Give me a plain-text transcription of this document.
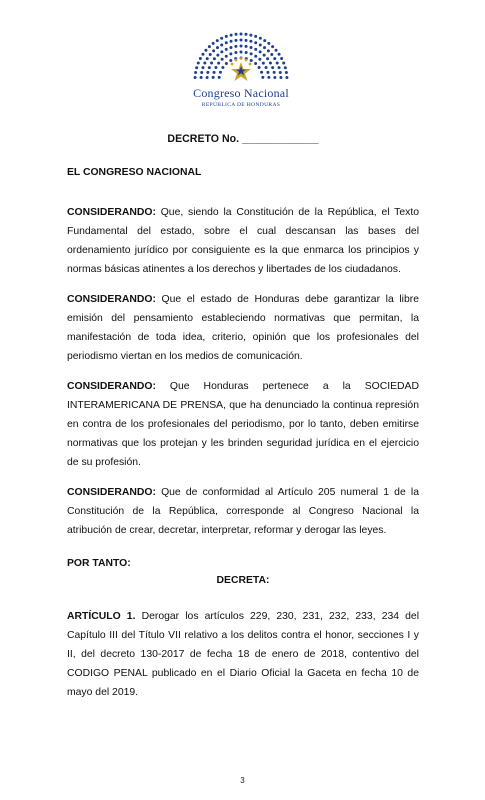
Congreso Nacional
REPÚBLICA DE HONDURAS
DECRETO No. _____________
EL CONGRESO NACIONAL
CONSIDERANDO: Que, siendo la Constitución de la República, el Texto Fundamental del estado, sobre el cual descansan las bases del ordenamiento jurídico por consiguiente es la que enmarca los principios y normas básicas atinentes a los derechos y libertades de los ciudadanos.
CONSIDERANDO: Que el estado de Honduras debe garantizar la libre emisión del pensamiento estableciendo normativas que permitan, la manifestación de toda idea, criterio, opinión que los profesionales del periodismo viertan en los medios de comunicación.
CONSIDERANDO: Que Honduras pertenece a la SOCIEDAD INTERAMERICANA DE PRENSA, que ha denunciado la continua represión en contra de los profesionales del periodismo, por lo tanto, deben emitirse normativas que los protejan y les brinden seguridad jurídica en el ejercicio de su profesión.
CONSIDERANDO: Que de conformidad al Artículo 205 numeral 1 de la Constitución de la República, corresponde al Congreso Nacional la atribución de crear, decretar, interpretar, reformar y derogar las leyes.
POR TANTO:
DECRETA:
ARTÍCULO 1. Derogar los artículos 229, 230, 231, 232, 233, 234 del Capítulo III del Título VII relativo a los delitos contra el honor, secciones I y II, del decreto 130-2017 de fecha 18 de enero de 2018, contentivo del CODIGO PENAL publicado en el Diario Oficial la Gaceta en fecha 10 de mayo del 2019.
3
